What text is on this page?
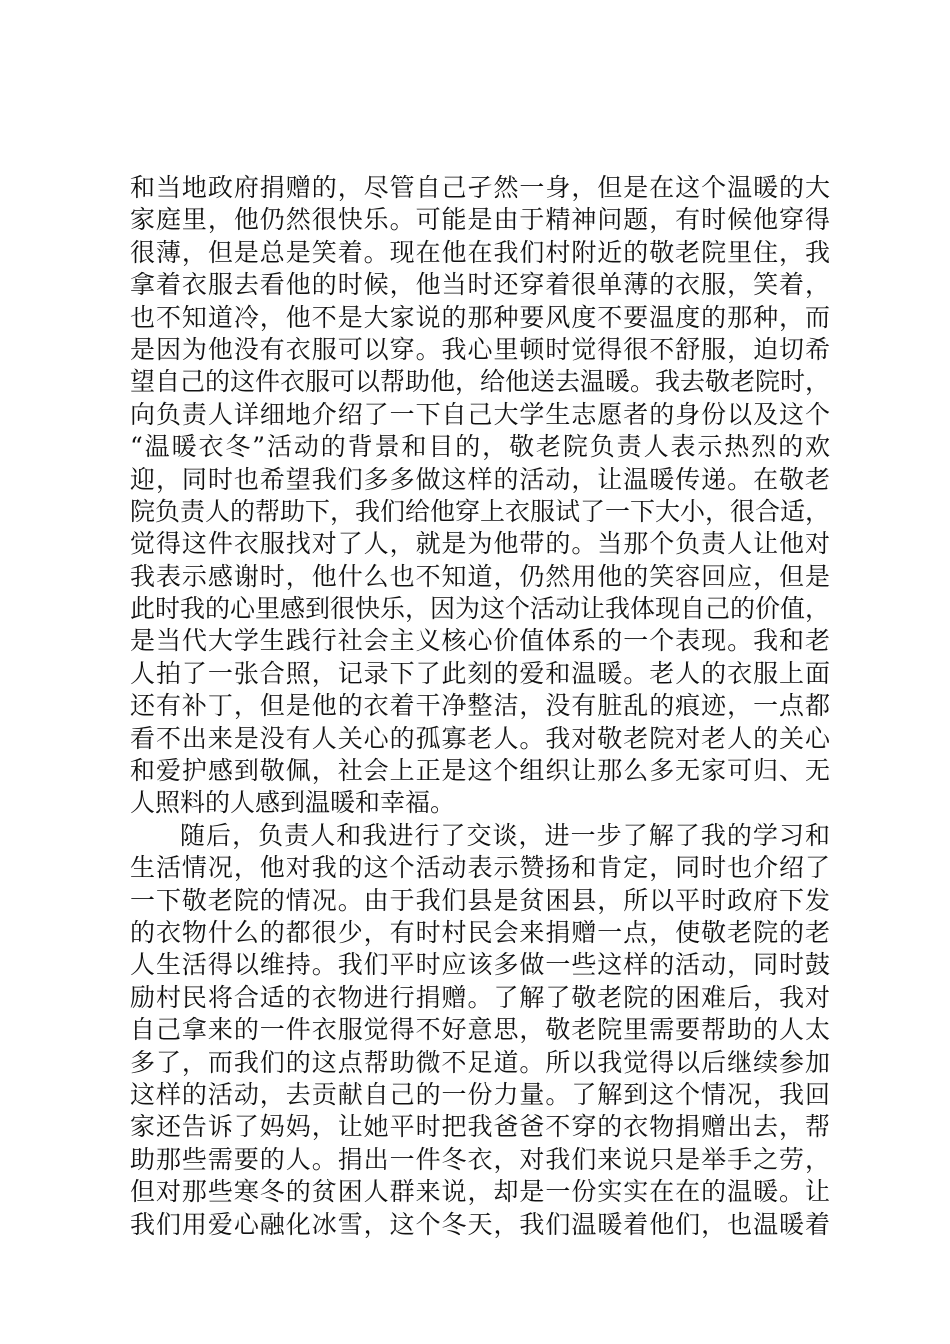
和当地政府捐赠的，尽管自己孑然一身，但是在这个温暖的大
家庭里，他仍然很快乐。可能是由于精神问题，有时候他穿得
很薄，但是总是笑着。现在他在我们村附近的敬老院里住，我
拿着衣服去看他的时候，他当时还穿着很单薄的衣服，笑着，
也不知道冷，他不是大家说的那种要风度不要温度的那种，而
是因为他没有衣服可以穿。我心里顿时觉得很不舒服，迫切希
望自己的这件衣服可以帮助他，给他送去温暖。我去敬老院时，
向负责人详细地介绍了一下自己大学生志愿者的身份以及这个
“温暖衣冬”活动的背景和目的，敬老院负责人表示热烈的欢
迎，同时也希望我们多多做这样的活动，让温暖传递。在敬老
院负责人的帮助下，我们给他穿上衣服试了一下大小，很合适，
觉得这件衣服找对了人，就是为他带的。当那个负责人让他对
我表示感谢时，他什么也不知道，仍然用他的笑容回应，但是
此时我的心里感到很快乐，因为这个活动让我体现自己的价值，
是当代大学生践行社会主义核心价值体系的一个表现。我和老
人拍了一张合照，记录下了此刻的爱和温暖。老人的衣服上面
还有补丁，但是他的衣着干净整洁，没有脏乱的痕迹，一点都
看不出来是没有人关心的孤寡老人。我对敬老院对老人的关心
和爱护感到敬佩，社会上正是这个组织让那么多无家可归、无
人照料的人感到温暖和幸福。
随后，负责人和我进行了交谈，进一步了解了我的学习和
生活情况，他对我的这个活动表示赞扬和肯定，同时也介绍了
一下敬老院的情况。由于我们县是贫困县，所以平时政府下发
的衣物什么的都很少，有时村民会来捐赠一点，使敬老院的老
人生活得以维持。我们平时应该多做一些这样的活动，同时鼓
励村民将合适的衣物进行捐赠。了解了敬老院的困难后，我对
自己拿来的一件衣服觉得不好意思，敬老院里需要帮助的人太
多了，而我们的这点帮助微不足道。所以我觉得以后继续参加
这样的活动，去贡献自己的一份力量。了解到这个情况，我回
家还告诉了妈妈，让她平时把我爸爸不穿的衣物捐赠出去，帮
助那些需要的人。捐出一件冬衣，对我们来说只是举手之劳，
但对那些寒冬的贫困人群来说，却是一份实实在在的温暖。让
我们用爱心融化冰雪，这个冬天，我们温暖着他们，也温暖着
